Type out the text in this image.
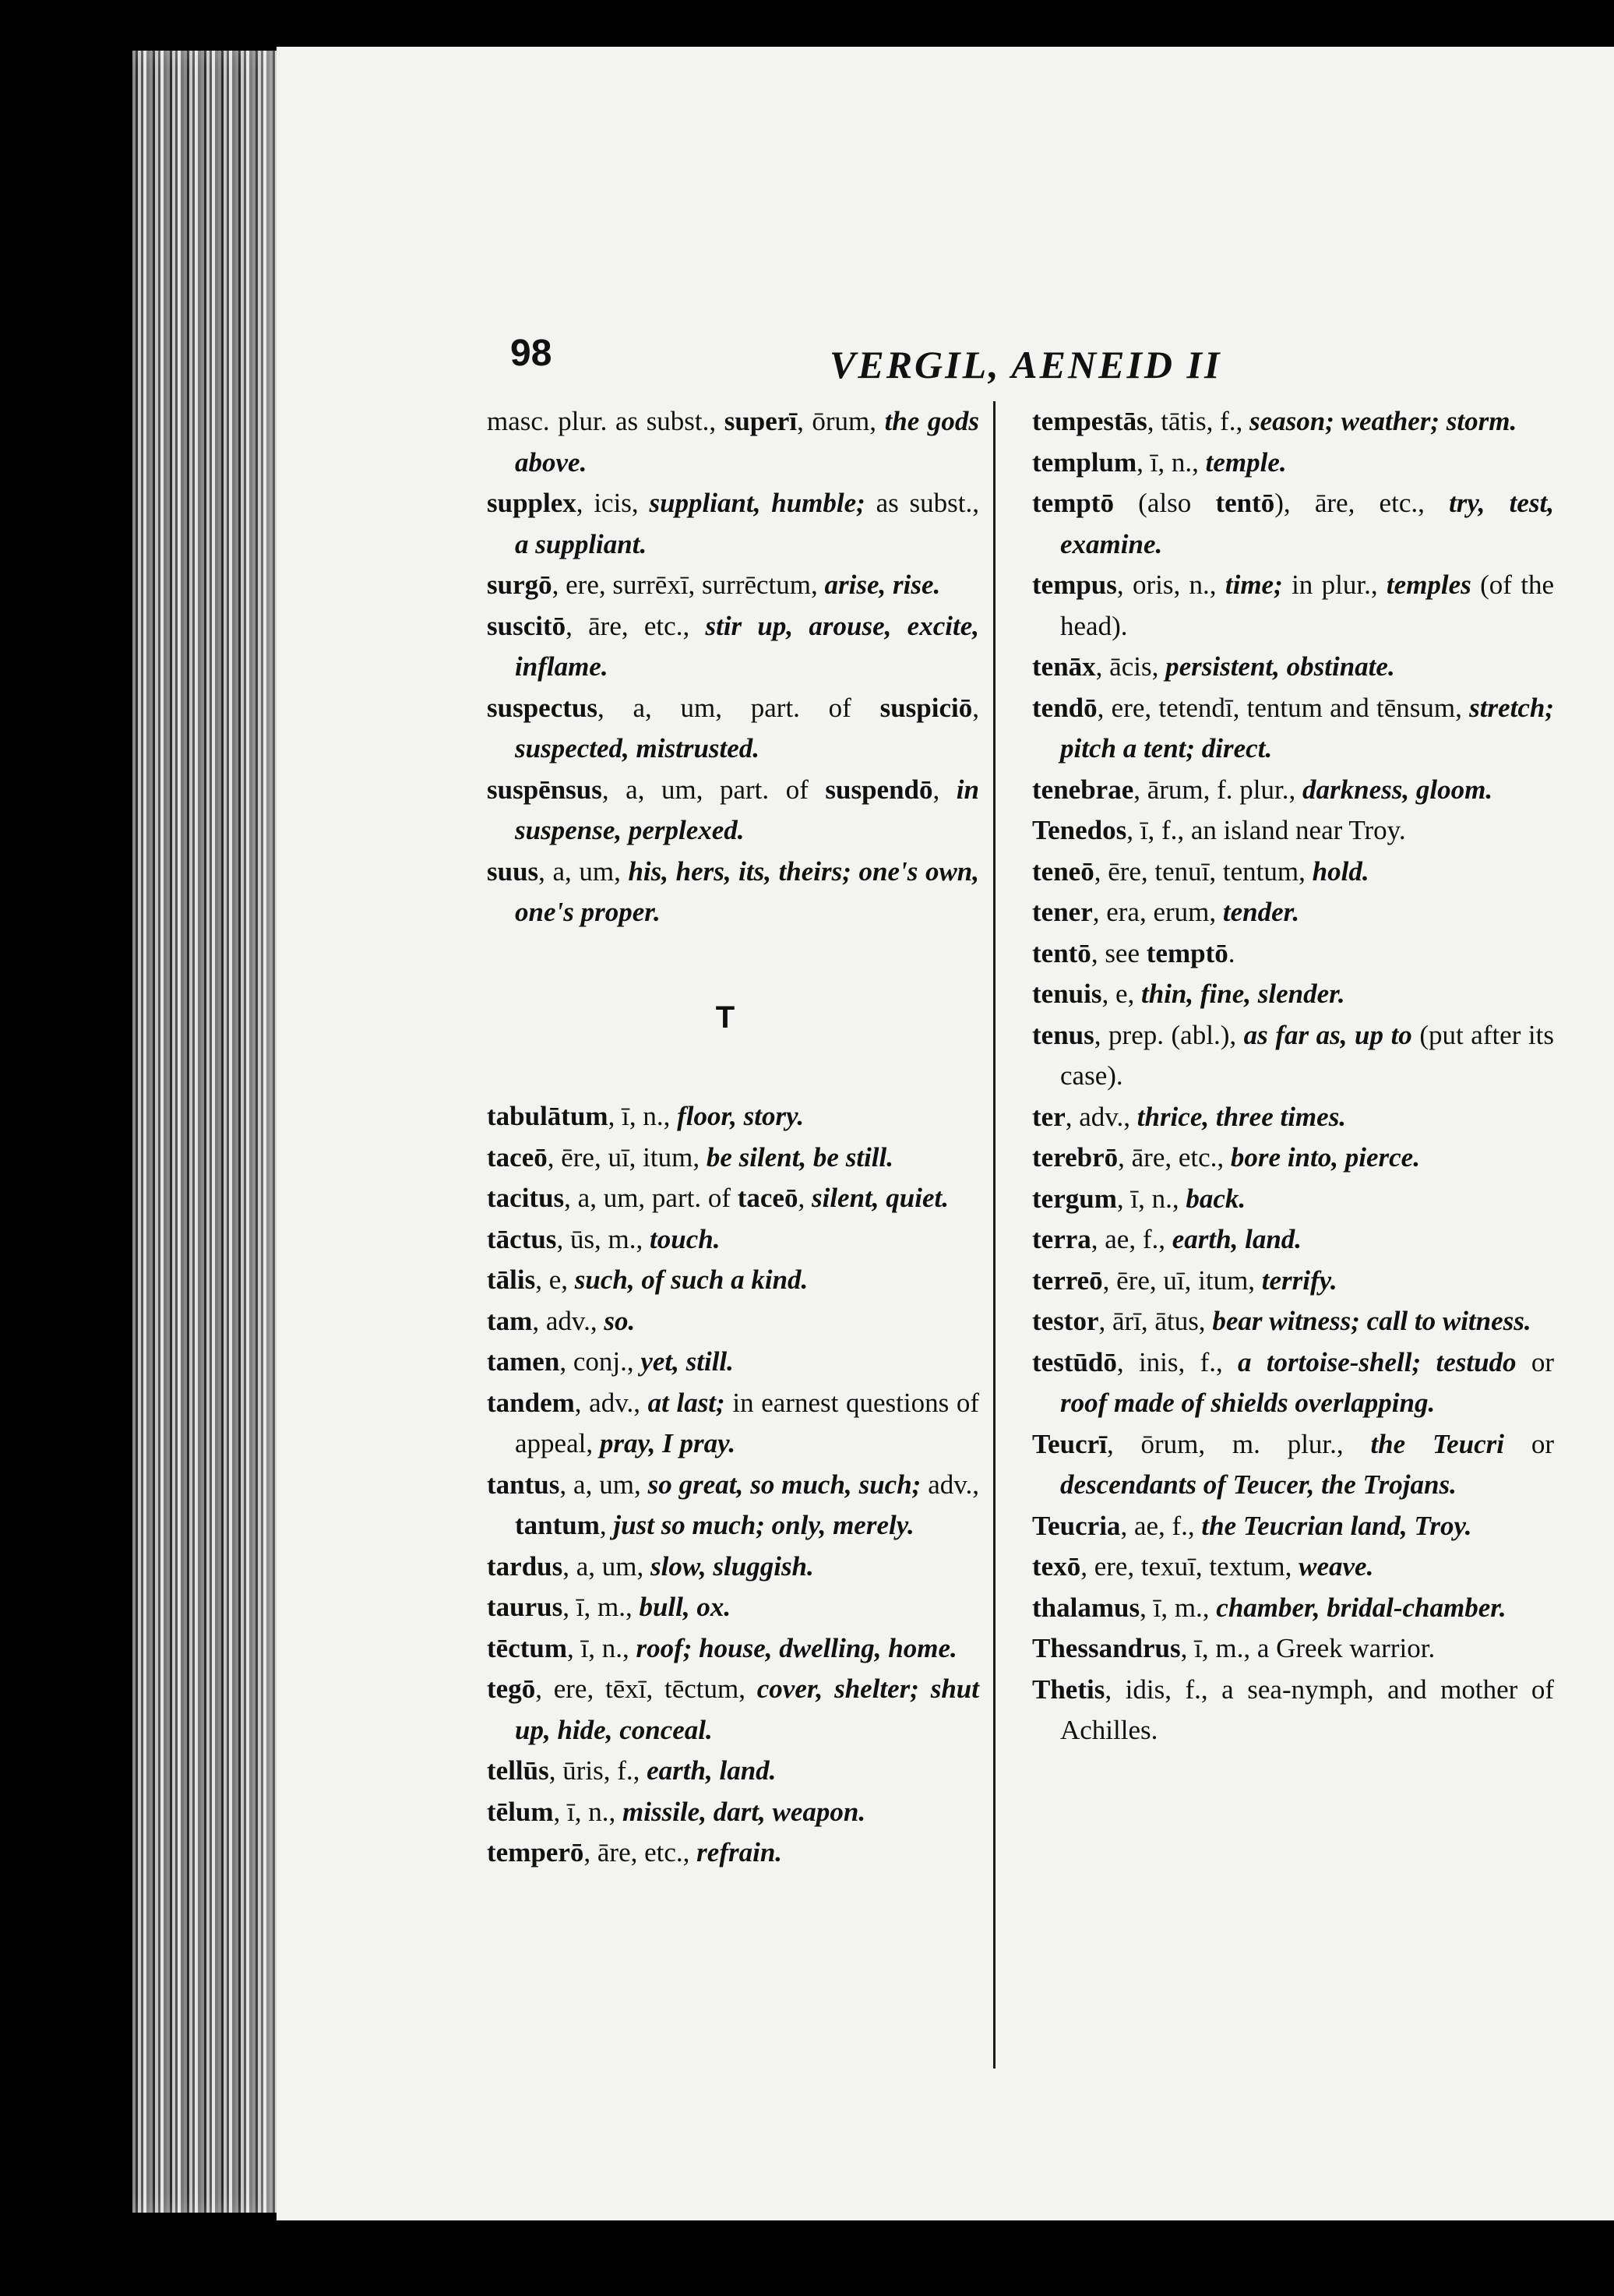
98	VERGIL, AENEID II
masc. plur. as subst., superī, ōrum, the gods above.
supplex, icis, suppliant, humble; as subst., a suppliant.
surgō, ere, surrēxī, surrēctum, arise, rise.
suscitō, āre, etc., stir up, arouse, excite, inflame.
suspectus, a, um, part. of suspiciō, suspected, mistrusted.
suspēnsus, a, um, part. of suspendō, in suspense, perplexed.
suus, a, um, his, hers, its, theirs; one's own, one's proper.
T
tabulātum, ī, n., floor, story.
taceō, ēre, uī, itum, be silent, be still.
tacitus, a, um, part. of taceō, silent, quiet.
tāctus, ūs, m., touch.
tālis, e, such, of such a kind.
tam, adv., so.
tamen, conj., yet, still.
tandem, adv., at last; in earnest questions of appeal, pray, I pray.
tantus, a, um, so great, so much, such; adv., tantum, just so much; only, merely.
tardus, a, um, slow, sluggish.
taurus, ī, m., bull, ox.
tēctum, ī, n., roof; house, dwelling, home.
tegō, ere, tēxī, tēctum, cover, shelter; shut up, hide, conceal.
tellūs, ūris, f., earth, land.
tēlum, ī, n., missile, dart, weapon.
temperō, āre, etc., refrain.
tempestās, tātis, f., season; weather; storm.
templum, ī, n., temple.
temptō (also tentō), āre, etc., try, test, examine.
tempus, oris, n., time; in plur., temples (of the head).
tenāx, ācis, persistent, obstinate.
tendō, ere, tetendī, tentum and tēnsum, stretch; pitch a tent; direct.
tenebrae, ārum, f. plur., darkness, gloom.
Tenedos, ī, f., an island near Troy.
teneō, ēre, tenuī, tentum, hold.
tener, era, erum, tender.
tentō, see temptō.
tenuis, e, thin, fine, slender.
tenus, prep. (abl.), as far as, up to (put after its case).
ter, adv., thrice, three times.
terebrō, āre, etc., bore into, pierce.
tergum, ī, n., back.
terra, ae, f., earth, land.
terreō, ēre, uī, itum, terrify.
testor, ārī, ātus, bear witness; call to witness.
testūdō, inis, f., a tortoise-shell; testudo or roof made of shields overlapping.
Teucrī, ōrum, m. plur., the Teucri or descendants of Teucer, the Trojans.
Teucria, ae, f., the Teucrian land, Troy.
texō, ere, texuī, textum, weave.
thalamus, ī, m., chamber, bridal-chamber.
Thessandrus, ī, m., a Greek warrior.
Thetis, idis, f., a sea-nymph, and mother of Achilles.
